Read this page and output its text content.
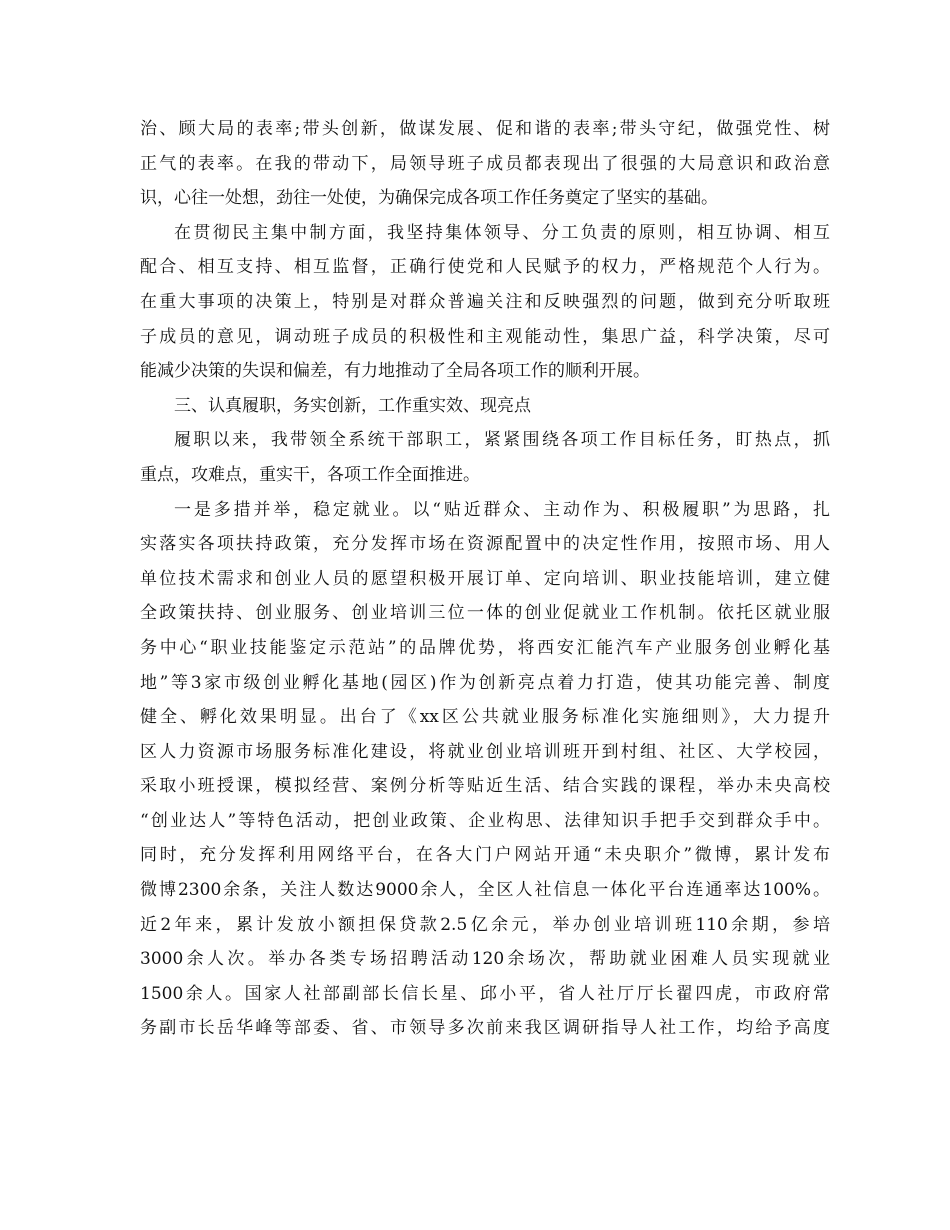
治、顾大局的表率;带头创新，做谋发展、促和谐的表率;带头守纪，做强党性、树
正气的表率。在我的带动下，局领导班子成员都表现出了很强的大局意识和政治意
识，心往一处想，劲往一处使，为确保完成各项工作任务奠定了坚实的基础。
在贯彻民主集中制方面，我坚持集体领导、分工负责的原则，相互协调、相互
配合、相互支持、相互监督，正确行使党和人民赋予的权力，严格规范个人行为。
在重大事项的决策上，特别是对群众普遍关注和反映强烈的问题，做到充分听取班
子成员的意见，调动班子成员的积极性和主观能动性，集思广益，科学决策，尽可
能减少决策的失误和偏差，有力地推动了全局各项工作的顺利开展。
三、认真履职，务实创新，工作重实效、现亮点
履职以来，我带领全系统干部职工，紧紧围绕各项工作目标任务，盯热点，抓
重点，攻难点，重实干，各项工作全面推进。
一是多措并举，稳定就业。以“贴近群众、主动作为、积极履职”为思路，扎
实落实各项扶持政策，充分发挥市场在资源配置中的决定性作用，按照市场、用人
单位技术需求和创业人员的愿望积极开展订单、定向培训、职业技能培训，建立健
全政策扶持、创业服务、创业培训三位一体的创业促就业工作机制。依托区就业服
务中心“职业技能鉴定示范站”的品牌优势，将西安汇能汽车产业服务创业孵化基
地”等3家市级创业孵化基地(园区)作为创新亮点着力打造，使其功能完善、制度
健全、孵化效果明显。出台了《xx区公共就业服务标准化实施细则》，大力提升
区人力资源市场服务标准化建设，将就业创业培训班开到村组、社区、大学校园，
采取小班授课，模拟经营、案例分析等贴近生活、结合实践的课程，举办未央高校
“创业达人”等特色活动，把创业政策、企业构思、法律知识手把手交到群众手中。
同时，充分发挥利用网络平台，在各大门户网站开通“未央职介”微博，累计发布
微博2300余条，关注人数达9000余人，全区人社信息一体化平台连通率达100%。
近2年来，累计发放小额担保贷款2.5亿余元，举办创业培训班110余期，参培
3000余人次。举办各类专场招聘活动120余场次，帮助就业困难人员实现就业
1500余人。国家人社部副部长信长星、邱小平，省人社厅厅长翟四虎，市政府常
务副市长岳华峰等部委、省、市领导多次前来我区调研指导人社工作，均给予高度
